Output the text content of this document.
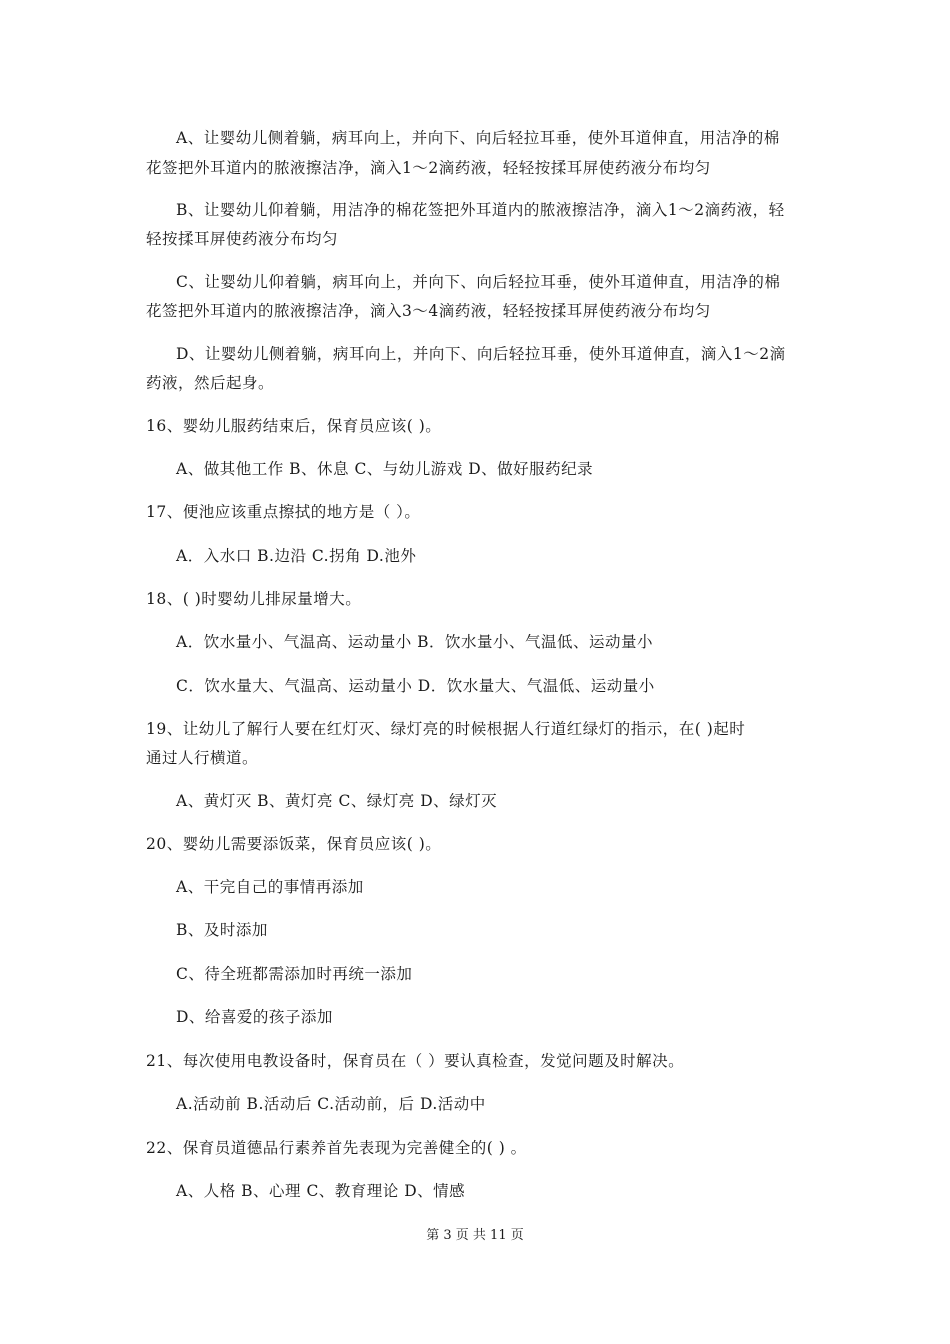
A、让婴幼儿侧着躺，病耳向上，并向下、向后轻拉耳垂，使外耳道伸直，用洁净的棉
花签把外耳道内的脓液擦洁净，滴入1～2滴药液，轻轻按揉耳屏使药液分布均匀
B、让婴幼儿仰着躺，用洁净的棉花签把外耳道内的脓液擦洁净，滴入1～2滴药液，轻
轻按揉耳屏使药液分布均匀
C、让婴幼儿仰着躺，病耳向上，并向下、向后轻拉耳垂，使外耳道伸直，用洁净的棉
花签把外耳道内的脓液擦洁净，滴入3～4滴药液，轻轻按揉耳屏使药液分布均匀
D、让婴幼儿侧着躺，病耳向上，并向下、向后轻拉耳垂，使外耳道伸直，滴入1～2滴
药液，然后起身。
16、婴幼儿服药结束后，保育员应该( )。
A、做其他工作 B、休息 C、与幼儿游戏 D、做好服药纪录
17、便池应该重点擦拭的地方是（ ）。
A．入水口 B.边沿 C.拐角 D.池外
18、( )时婴幼儿排尿量增大。
A．饮水量小、气温高、运动量小 B．饮水量小、气温低、运动量小
C．饮水量大、气温高、运动量小 D．饮水量大、气温低、运动量小
19、让幼儿了解行人要在红灯灭、绿灯亮的时候根据人行道红绿灯的指示，在( )起时
通过人行横道。
A、黄灯灭 B、黄灯亮 C、绿灯亮 D、绿灯灭
20、婴幼儿需要添饭菜，保育员应该( )。
A、干完自己的事情再添加
B、及时添加
C、待全班都需添加时再统一添加
D、给喜爱的孩子添加
21、每次使用电教设备时，保育员在（ ）要认真检查，发觉问题及时解决。
A.活动前 B.活动后 C.活动前，后 D.活动中
22、保育员道德品行素养首先表现为完善健全的( ) 。
A、人格 B、心理 C、教育理论 D、情感
第 3 页 共 11 页
